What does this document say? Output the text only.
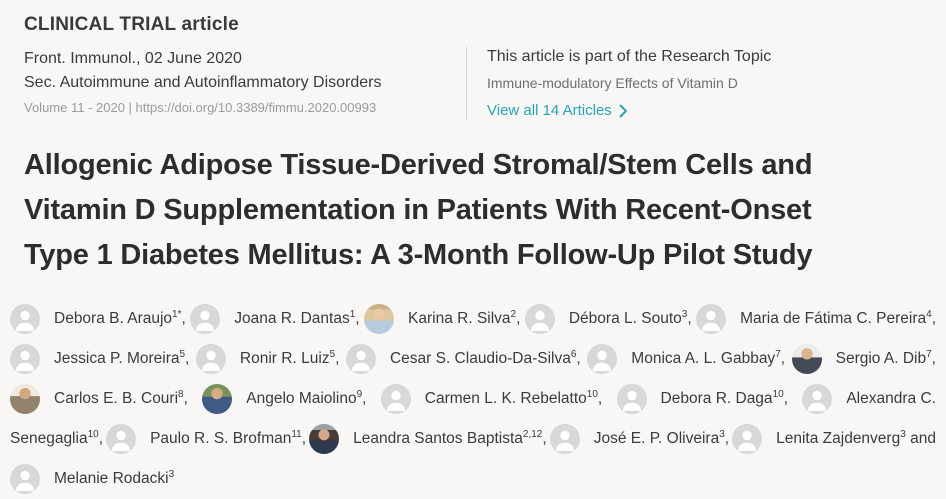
CLINICAL TRIAL article
Front. Immunol., 02 June 2020
Sec. Autoimmune and Autoinflammatory Disorders
Volume 11 - 2020 | https://doi.org/10.3389/fimmu.2020.00993
This article is part of the Research Topic
Immune-modulatory Effects of Vitamin D
View all 14 Articles
Allogenic Adipose Tissue-Derived Stromal/Stem Cells and
Vitamin D Supplementation in Patients With Recent-Onset
Type 1 Diabetes Mellitus: A 3-Month Follow-Up Pilot Study
Debora B. Araujo$^{1*}$,	Joana R. Dantas$^1$,	Karina R. Silva$^2$,	Débora L. Souto$^3$,	Maria de Fátima C. Pereira$^4$,
Jessica P. Moreira$^5$,	Ronir R. Luiz$^5$,	Cesar S. Claudio-Da-Silva$^6$,	Monica A. L. Gabbay$^7$,	Sergio A. Dib$^7$,
Carlos E. B. Couri$^8$,	Angelo Maiolino$^9$,	Carmen L. K. Rebelatto$^{10}$,	Debora R. Daga$^{10}$,	Alexandra C.
Senegaglia$^{10}$,	Paulo R. S. Brofman$^{11}$,	Leandra Santos Baptista$^{2,12}$,	José E. P. Oliveira$^3$,	Lenita Zajdenverg$^3$ and
Melanie Rodacki$^3$
